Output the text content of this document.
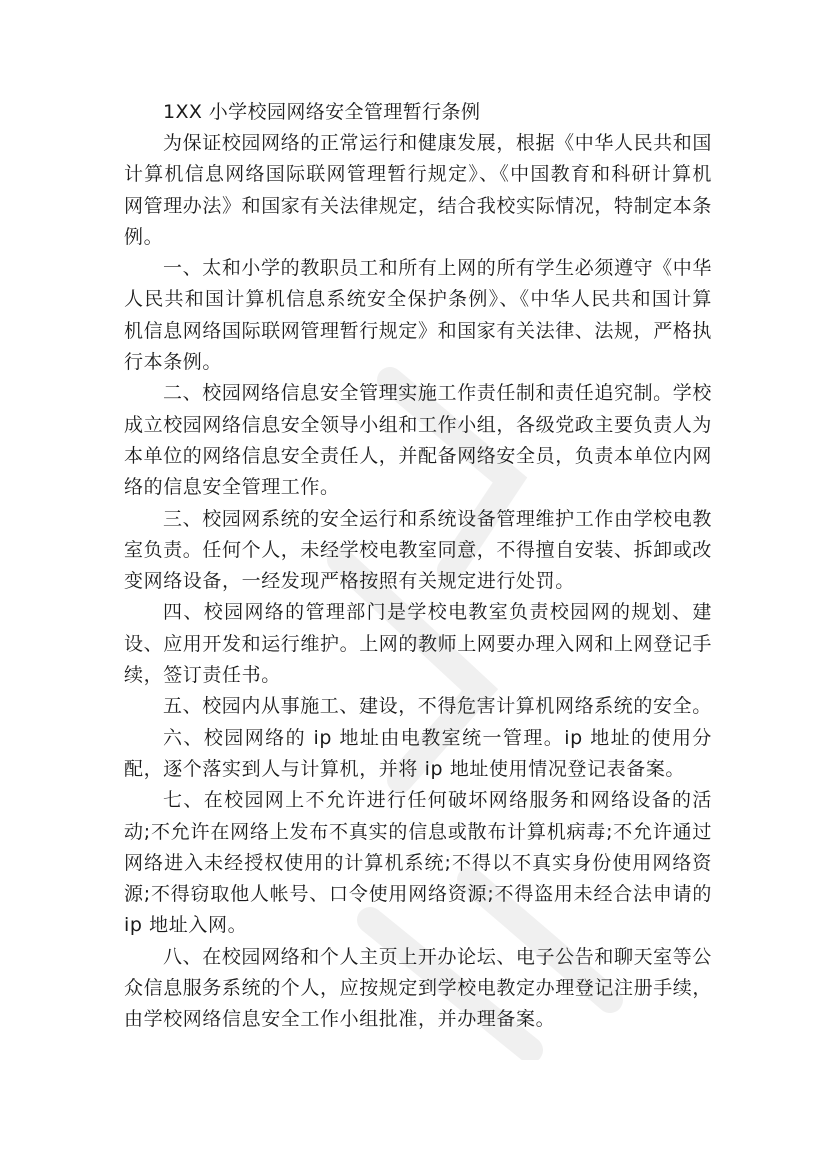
1XX 小学校园网络安全管理暂行条例

为保证校园网络的正常运行和健康发展，根据《中华人民共和国计算机信息网络国际联网管理暂行规定》、《中国教育和科研计算机网管理办法》和国家有关法律规定，结合我校实际情况，特制定本条例。

一、太和小学的教职员工和所有上网的所有学生必须遵守《中华人民共和国计算机信息系统安全保护条例》、《中华人民共和国计算机信息网络国际联网管理暂行规定》和国家有关法律、法规，严格执行本条例。

二、校园网络信息安全管理实施工作责任制和责任追究制。学校成立校园网络信息安全领导小组和工作小组，各级党政主要负责人为本单位的网络信息安全责任人，并配备网络安全员，负责本单位内网络的信息安全管理工作。

三、校园网系统的安全运行和系统设备管理维护工作由学校电教室负责。任何个人，未经学校电教室同意，不得擅自安装、拆卸或改变网络设备，一经发现严格按照有关规定进行处罚。

四、校园网络的管理部门是学校电教室负责校园网的规划、建设、应用开发和运行维护。上网的教师上网要办理入网和上网登记手续，签订责任书。

五、校园内从事施工、建设，不得危害计算机网络系统的安全。

六、校园网络的 ip 地址由电教室统一管理。ip 地址的使用分配，逐个落实到人与计算机，并将 ip 地址使用情况登记表备案。

七、在校园网上不允许进行任何破坏网络服务和网络设备的活动;不允许在网络上发布不真实的信息或散布计算机病毒;不允许通过网络进入未经授权使用的计算机系统;不得以不真实身份使用网络资源;不得窃取他人帐号、口令使用网络资源;不得盗用未经合法申请的 ip 地址入网。

八、在校园网络和个人主页上开办论坛、电子公告和聊天室等公众信息服务系统的个人，应按规定到学校电教定办理登记注册手续，由学校网络信息安全工作小组批准，并办理备案。
